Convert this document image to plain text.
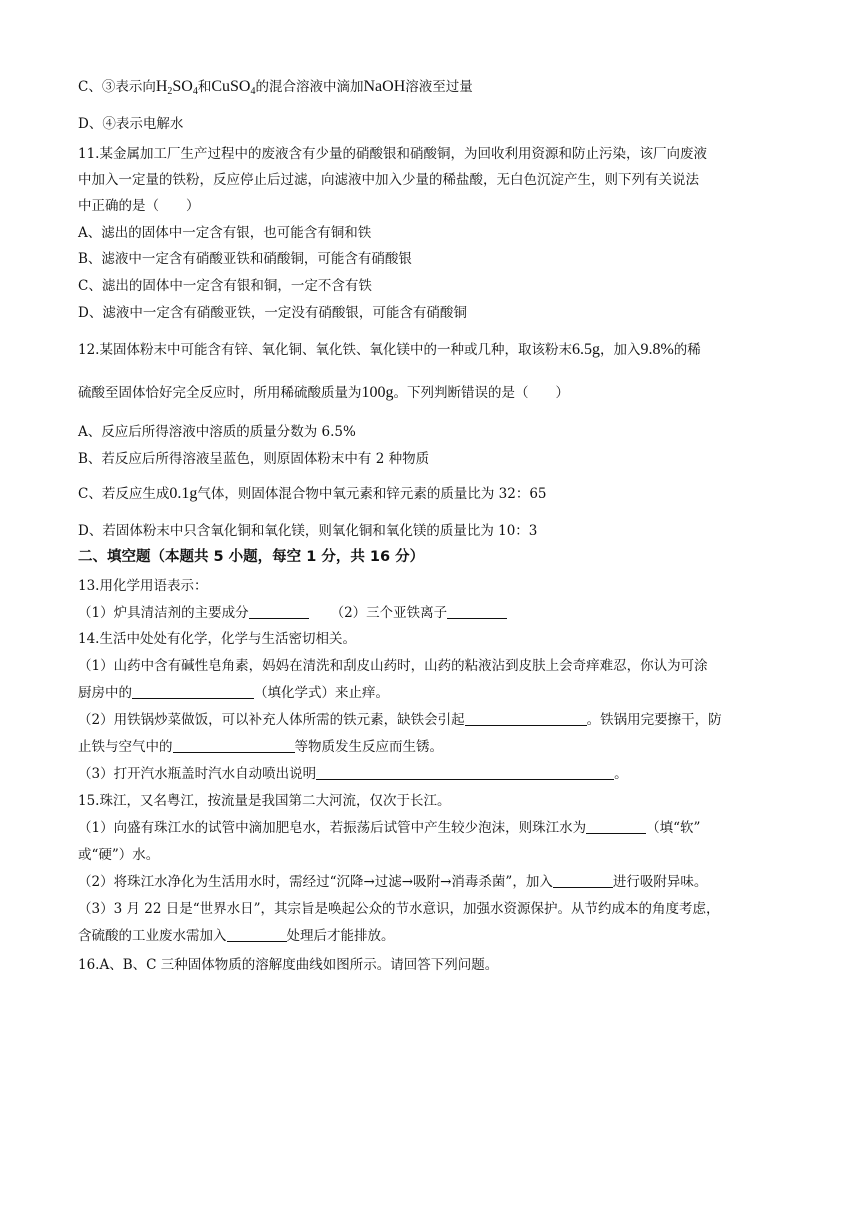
C、③表示向$H_2SO_4$和CuSO$_4$的混合溶液中滴加NaOH溶液至过量
D、④表示电解水
11.某金属加工厂生产过程中的废液含有少量的硝酸银和硝酸铜，为回收利用资源和防止污染，该厂向废液
中加入一定量的铁粉，反应停止后过滤，向滤液中加入少量的稀盐酸，无白色沉淀产生，则下列有关说法
中正确的是（　　）
A、滤出的固体中一定含有银，也可能含有铜和铁
B、滤液中一定含有硝酸亚铁和硝酸铜，可能含有硝酸银
C、滤出的固体中一定含有银和铜，一定不含有铁
D、滤液中一定含有硝酸亚铁，一定没有硝酸银，可能含有硝酸铜
12.某固体粉末中可能含有锌、氧化铜、氧化铁、氧化镁中的一种或几种，取该粉末6.5g，加入9.8%的稀
硫酸至固体恰好完全反应时，所用稀硫酸质量为100g。下列判断错误的是（　　）
A、反应后所得溶液中溶质的质量分数为 6.5%
B、若反应后所得溶液呈蓝色，则原固体粉末中有 2 种物质
C、若反应生成0.1g气体，则固体混合物中氧元素和锌元素的质量比为 32：65
D、若固体粉末中只含氧化铜和氧化镁，则氧化铜和氧化镁的质量比为 10：3
二、填空题（本题共 5 小题，每空 1 分，共 16 分）
13.用化学用语表示：
（1）炉具清洁剂的主要成分	（2）三个亚铁离子
14.生活中处处有化学，化学与生活密切相关。
（1）山药中含有碱性皂角素，妈妈在清洗和刮皮山药时，山药的粘液沾到皮肤上会奇痒难忍，你认为可涂
厨房中的	（填化学式）来止痒。
（2）用铁锅炒菜做饭，可以补充人体所需的铁元素，缺铁会引起	。铁锅用完要擦干，防
止铁与空气中的	等物质发生反应而生锈。
（3）打开汽水瓶盖时汽水自动喷出说明	。
15.珠江，又名粤江，按流量是我国第二大河流，仅次于长江。
（1）向盛有珠江水的试管中滴加肥皂水，若振荡后试管中产生较少泡沫，则珠江水为	（填“软”
或“硬”）水。
（2）将珠江水净化为生活用水时，需经过“沉降→过滤→吸附→消毒杀菌”，加入	进行吸附异味。
（3）3 月 22 日是“世界水日”，其宗旨是唤起公众的节水意识，加强水资源保护。从节约成本的角度考虑，
含硫酸的工业废水需加入	处理后才能排放。
16.A、B、C 三种固体物质的溶解度曲线如图所示。请回答下列问题。
